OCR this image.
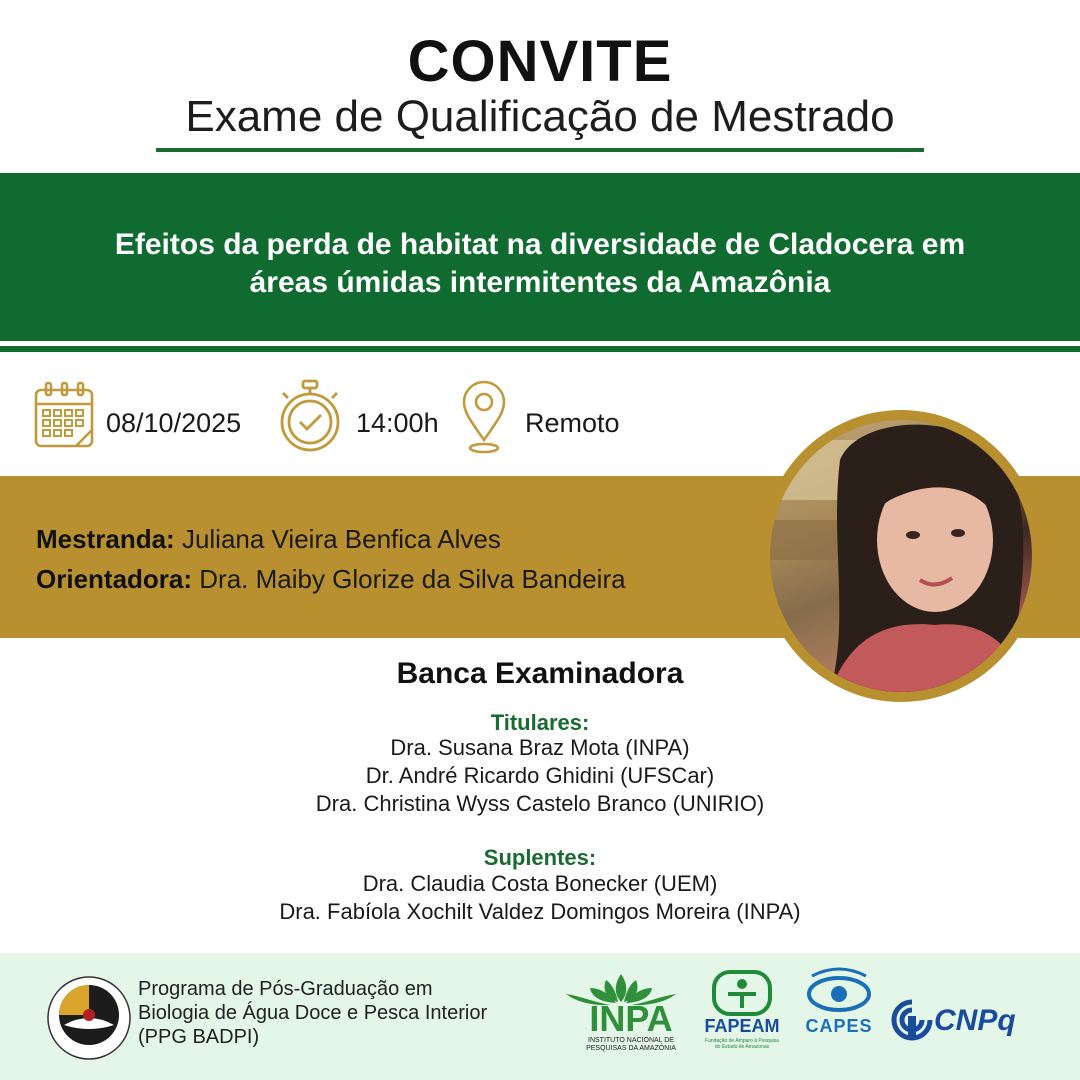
CONVITE
Exame de Qualificação de Mestrado
Efeitos da perda de habitat na diversidade de Cladocera em
áreas úmidas intermitentes da Amazônia
08/10/2025	14:00h	Remoto
Mestranda: Juliana Vieira Benfica Alves
Orientadora: Dra. Maiby Glorize da Silva Bandeira
Banca Examinadora
Titulares:
Dra. Susana Braz Mota (INPA)
Dr. André Ricardo Ghidini (UFSCar)
Dra. Christina Wyss Castelo Branco (UNIRIO)
Suplentes:
Dra. Claudia Costa Bonecker (UEM)
Dra. Fabíola Xochilt Valdez Domingos Moreira (INPA)
Programa de Pós-Graduação em
Biologia de Água Doce e Pesca Interior
(PPG BADPI)	INPA
INSTITUTO NACIONAL DE
PESQUISAS DA AMAZÔNIA
FAPEAM
Fundação de Amparo à Pesquisa do Estado do Amazonas
CAPES CNPq
